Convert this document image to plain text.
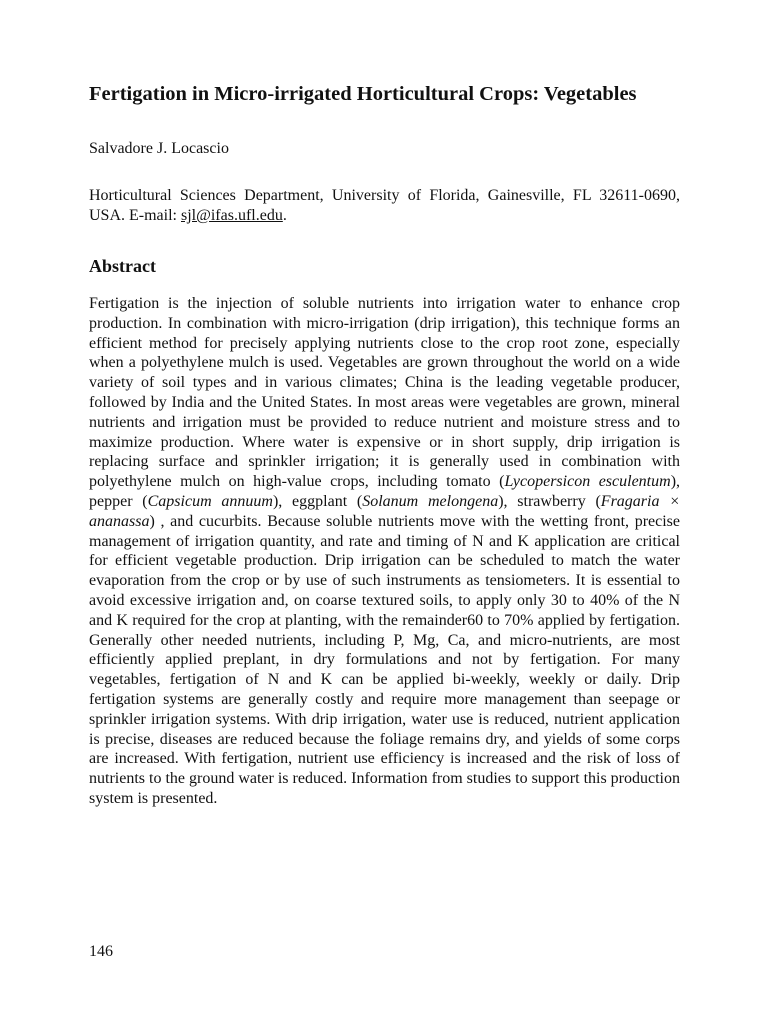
Fertigation in Micro-irrigated Horticultural Crops: Vegetables
Salvadore J. Locascio
Horticultural Sciences Department, University of Florida, Gainesville, FL 32611-0690, USA. E-mail: sjl@ifas.ufl.edu.
Abstract

Fertigation is the injection of soluble nutrients into irrigation water to enhance crop production. In combination with micro-irrigation (drip irrigation), this technique forms an efficient method for precisely applying nutrients close to the crop root zone, especially when a polyethylene mulch is used. Vegetables are grown throughout the world on a wide variety of soil types and in various climates; China is the leading vegetable producer, followed by India and the United States. In most areas were vegetables are grown, mineral nutrients and irrigation must be provided to reduce nutrient and moisture stress and to maximize production. Where water is expensive or in short supply, drip irrigation is replacing surface and sprinkler irrigation; it is generally used in combination with polyethylene mulch on high-value crops, including tomato (Lycopersicon esculentum), pepper (Capsicum annuum), eggplant (Solanum melongena), strawberry (Fragaria × ananassa) , and cucurbits. Because soluble nutrients move with the wetting front, precise management of irrigation quantity, and rate and timing of N and K application are critical for efficient vegetable production. Drip irrigation can be scheduled to match the water evaporation from the crop or by use of such instruments as tensiometers. It is essential to avoid excessive irrigation and, on coarse textured soils, to apply only 30 to 40% of the N and K required for the crop at planting, with the remainder60 to 70% applied by fertigation. Generally other needed nutrients, including P, Mg, Ca, and micro-nutrients, are most efficiently applied preplant, in dry formulations and not by fertigation. For many vegetables, fertigation of N and K can be applied bi-weekly, weekly or daily. Drip fertigation systems are generally costly and require more management than seepage or sprinkler irrigation systems. With drip irrigation, water use is reduced, nutrient application is precise, diseases are reduced because the foliage remains dry, and yields of some corps are increased. With fertigation, nutrient use efficiency is increased and the risk of loss of nutrients to the ground water is reduced. Information from studies to support this production system is presented.

146
